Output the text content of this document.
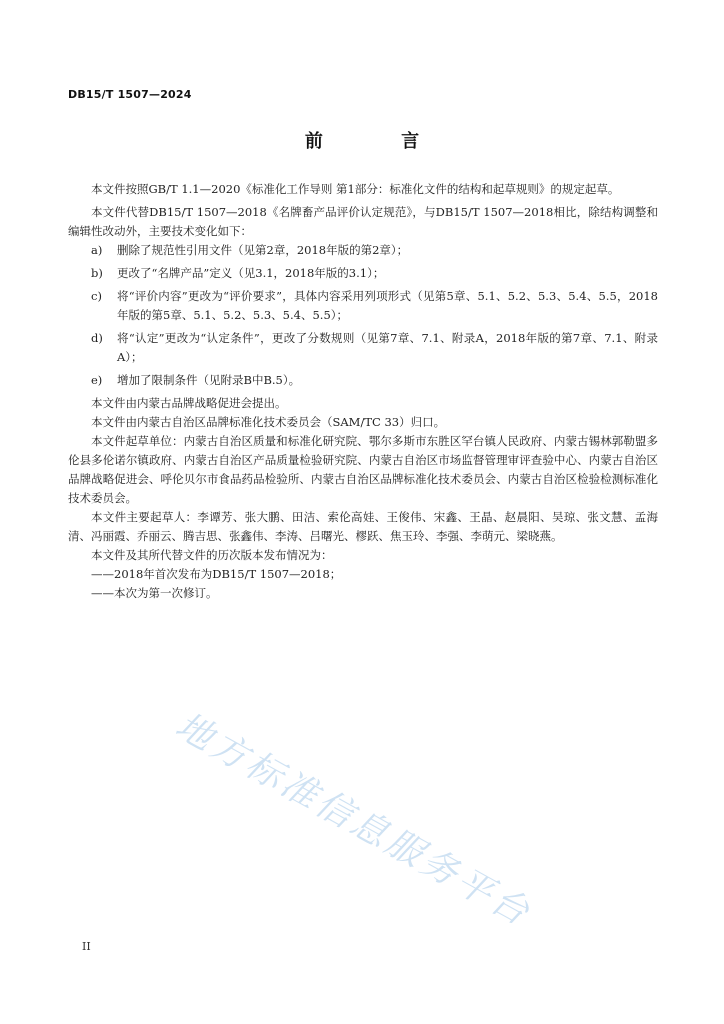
DB15/T 1507—2024
前 言

本文件按照GB/T 1.1—2020《标准化工作导则 第1部分：标准化文件的结构和起草规则》的规定起草。

本文件代替DB15/T 1507—2018《名牌畜产品评价认定规范》，与DB15/T 1507—2018相比，除结构调整和编辑性改动外，主要技术变化如下：

a)	删除了规范性引用文件（见第2章，2018年版的第2章）；
b)	更改了“名牌产品”定义（见3.1，2018年版的3.1）；
c)	将“评价内容”更改为“评价要求”，具体内容采用列项形式（见第5章、5.1、5.2、5.3、5.4、5.5，2018年版的第5章、5.1、5.2、5.3、5.4、5.5）；
d)	将“认定”更改为“认定条件”，更改了分数规则（见第7章、7.1、附录A，2018年版的第7章、7.1、附录A）；
e)	增加了限制条件（见附录B中B.5）。

本文件由内蒙古品牌战略促进会提出。

本文件由内蒙古自治区品牌标准化技术委员会（SAM/TC 33）归口。

本文件起草单位：内蒙古自治区质量和标准化研究院、鄂尔多斯市东胜区罕台镇人民政府、内蒙古锡林郭勒盟多伦县多伦诺尔镇政府、内蒙古自治区产品质量检验研究院、内蒙古自治区市场监督管理审评查验中心、内蒙古自治区品牌战略促进会、呼伦贝尔市食品药品检验所、内蒙古自治区品牌标准化技术委员会、内蒙古自治区检验检测标准化技术委员会。

本文件主要起草人：李谭芳、张大鹏、田洁、索伦高娃、王俊伟、宋鑫、王晶、赵晨阳、吴琼、张文慧、孟海清、冯丽霞、乔丽云、腾吉思、张鑫伟、李涛、吕曙光、樛跃、焦玉玲、李强、李萌元、梁晓燕。

本文件及其所代替文件的历次版本发布情况为：

——2018年首次发布为DB15/T 1507—2018；

——本次为第一次修订。

地方标准信息服务平台
II
